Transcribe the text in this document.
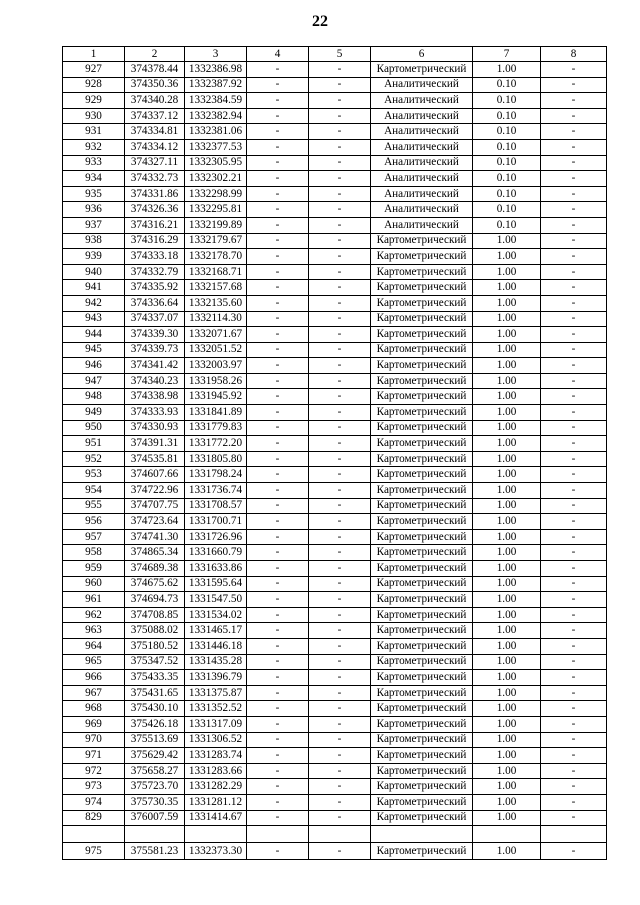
22
1	2	3	4	5	6	7	8
927	374378.44	1332386.98	-	-	Картометрический	1.00	-
928	374350.36	1332387.92	-	-	Аналитический	0.10	-
929	374340.28	1332384.59	-	-	Аналитический	0.10	-
930	374337.12	1332382.94	-	-	Аналитический	0.10	-
931	374334.81	1332381.06	-	-	Аналитический	0.10	-
932	374334.12	1332377.53	-	-	Аналитический	0.10	-
933	374327.11	1332305.95	-	-	Аналитический	0.10	-
934	374332.73	1332302.21	-	-	Аналитический	0.10	-
935	374331.86	1332298.99	-	-	Аналитический	0.10	-
936	374326.36	1332295.81	-	-	Аналитический	0.10	-
937	374316.21	1332199.89	-	-	Аналитический	0.10	-
938	374316.29	1332179.67	-	-	Картометрический	1.00	-
939	374333.18	1332178.70	-	-	Картометрический	1.00	-
940	374332.79	1332168.71	-	-	Картометрический	1.00	-
941	374335.92	1332157.68	-	-	Картометрический	1.00	-
942	374336.64	1332135.60	-	-	Картометрический	1.00	-
943	374337.07	1332114.30	-	-	Картометрический	1.00	-
944	374339.30	1332071.67	-	-	Картометрический	1.00	-
945	374339.73	1332051.52	-	-	Картометрический	1.00	-
946	374341.42	1332003.97	-	-	Картометрический	1.00	-
947	374340.23	1331958.26	-	-	Картометрический	1.00	-
948	374338.98	1331945.92	-	-	Картометрический	1.00	-
949	374333.93	1331841.89	-	-	Картометрический	1.00	-
950	374330.93	1331779.83	-	-	Картометрический	1.00	-
951	374391.31	1331772.20	-	-	Картометрический	1.00	-
952	374535.81	1331805.80	-	-	Картометрический	1.00	-
953	374607.66	1331798.24	-	-	Картометрический	1.00	-
954	374722.96	1331736.74	-	-	Картометрический	1.00	-
955	374707.75	1331708.57	-	-	Картометрический	1.00	-
956	374723.64	1331700.71	-	-	Картометрический	1.00	-
957	374741.30	1331726.96	-	-	Картометрический	1.00	-
958	374865.34	1331660.79	-	-	Картометрический	1.00	-
959	374689.38	1331633.86	-	-	Картометрический	1.00	-
960	374675.62	1331595.64	-	-	Картометрический	1.00	-
961	374694.73	1331547.50	-	-	Картометрический	1.00	-
962	374708.85	1331534.02	-	-	Картометрический	1.00	-
963	375088.02	1331465.17	-	-	Картометрический	1.00	-
964	375180.52	1331446.18	-	-	Картометрический	1.00	-
965	375347.52	1331435.28	-	-	Картометрический	1.00	-
966	375433.35	1331396.79	-	-	Картометрический	1.00	-
967	375431.65	1331375.87	-	-	Картометрический	1.00	-
968	375430.10	1331352.52	-	-	Картометрический	1.00	-
969	375426.18	1331317.09	-	-	Картометрический	1.00	-
970	375513.69	1331306.52	-	-	Картометрический	1.00	-
971	375629.42	1331283.74	-	-	Картометрический	1.00	-
972	375658.27	1331283.66	-	-	Картометрический	1.00	-
973	375723.70	1331282.29	-	-	Картометрический	1.00	-
974	375730.35	1331281.12	-	-	Картометрический	1.00	-
829	376007.59	1331414.67	-	-	Картометрический	1.00	-

975	375581.23	1332373.30	-	-	Картометрический	1.00	-
